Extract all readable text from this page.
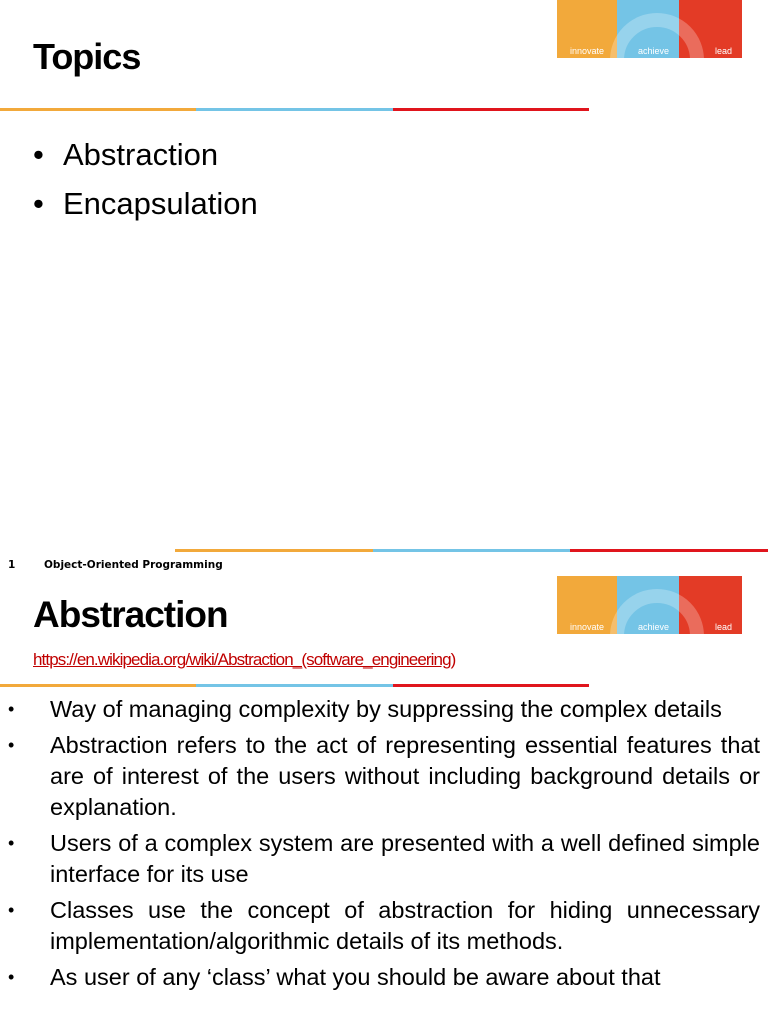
innovate	achieve	lead
Topics
• Abstraction
• Encapsulation
1	Object-Oriented Programming
innovate	achieve	lead
Abstraction
https://en.wikipedia.org/wiki/Abstraction_(software_engineering)
• Way of managing complexity by suppressing the complex details
• Abstraction refers to the act of representing essential features that are of interest of the users without including background details or explanation.
• Users of a complex system are presented with a well defined simple interface for its use
• Classes use the concept of abstraction for hiding unnecessary implementation/algorithmic details of its methods.
• As user of any ‘class’ what you should be aware about that
